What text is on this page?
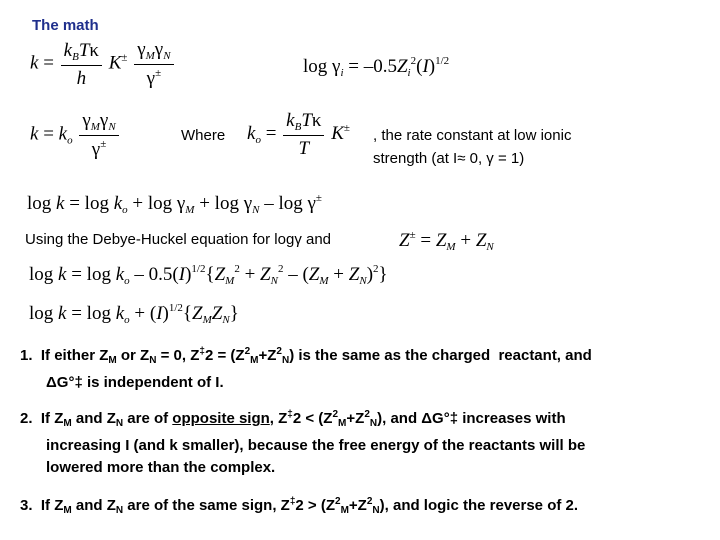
The math
$k = \frac{k_BT\kappa}{h} K^\pm \frac{\gamma_M\gamma_N}{\gamma^\pm}$	$\log \gamma_i = -0.5Z_i^2(I)^{1/2}$
$k = k_o \frac{\gamma_M\gamma_N}{\gamma^\pm}$	Where $k_o = \frac{k_BT\kappa}{T} K^\pm$ , the rate constant at low ionic
strength (at I≈ 0, γ = 1)
$\log k = \log k_o + \log \gamma_M + \log \gamma_N - \log \gamma^\pm$
Using the Debye-Huckel equation for logγ and	$Z^\pm = Z_M + Z_N$
$\log k = \log k_o - 0.5(I)^{1/2}\{Z_M^2 + Z_N^2 - (Z_M + Z_N)^2\}$
$\log k = \log k_o + (I)^{1/2}\{Z_MZ_N\}$
1.  If either $Z_M$ or $Z_N = 0$, $Z^\ddagger 2 = (Z^2_M+Z^2_N)$ is the same as the charged  reactant, and
ΔG°‡ is independent of I.
2.  If $Z_M$ and $Z_N$ are of opposite sign, $Z^\ddagger 2 < (Z^2_M+Z^2_N)$, and ΔG°‡ increases with
increasing I (and k smaller), because the free energy of the reactants will be
lowered more than the complex.
3.  If $Z_M$ and $Z_N$ are of the same sign, $Z^\ddagger 2 > (Z^2_M+Z^2_N)$, and logic the reverse of 2.
